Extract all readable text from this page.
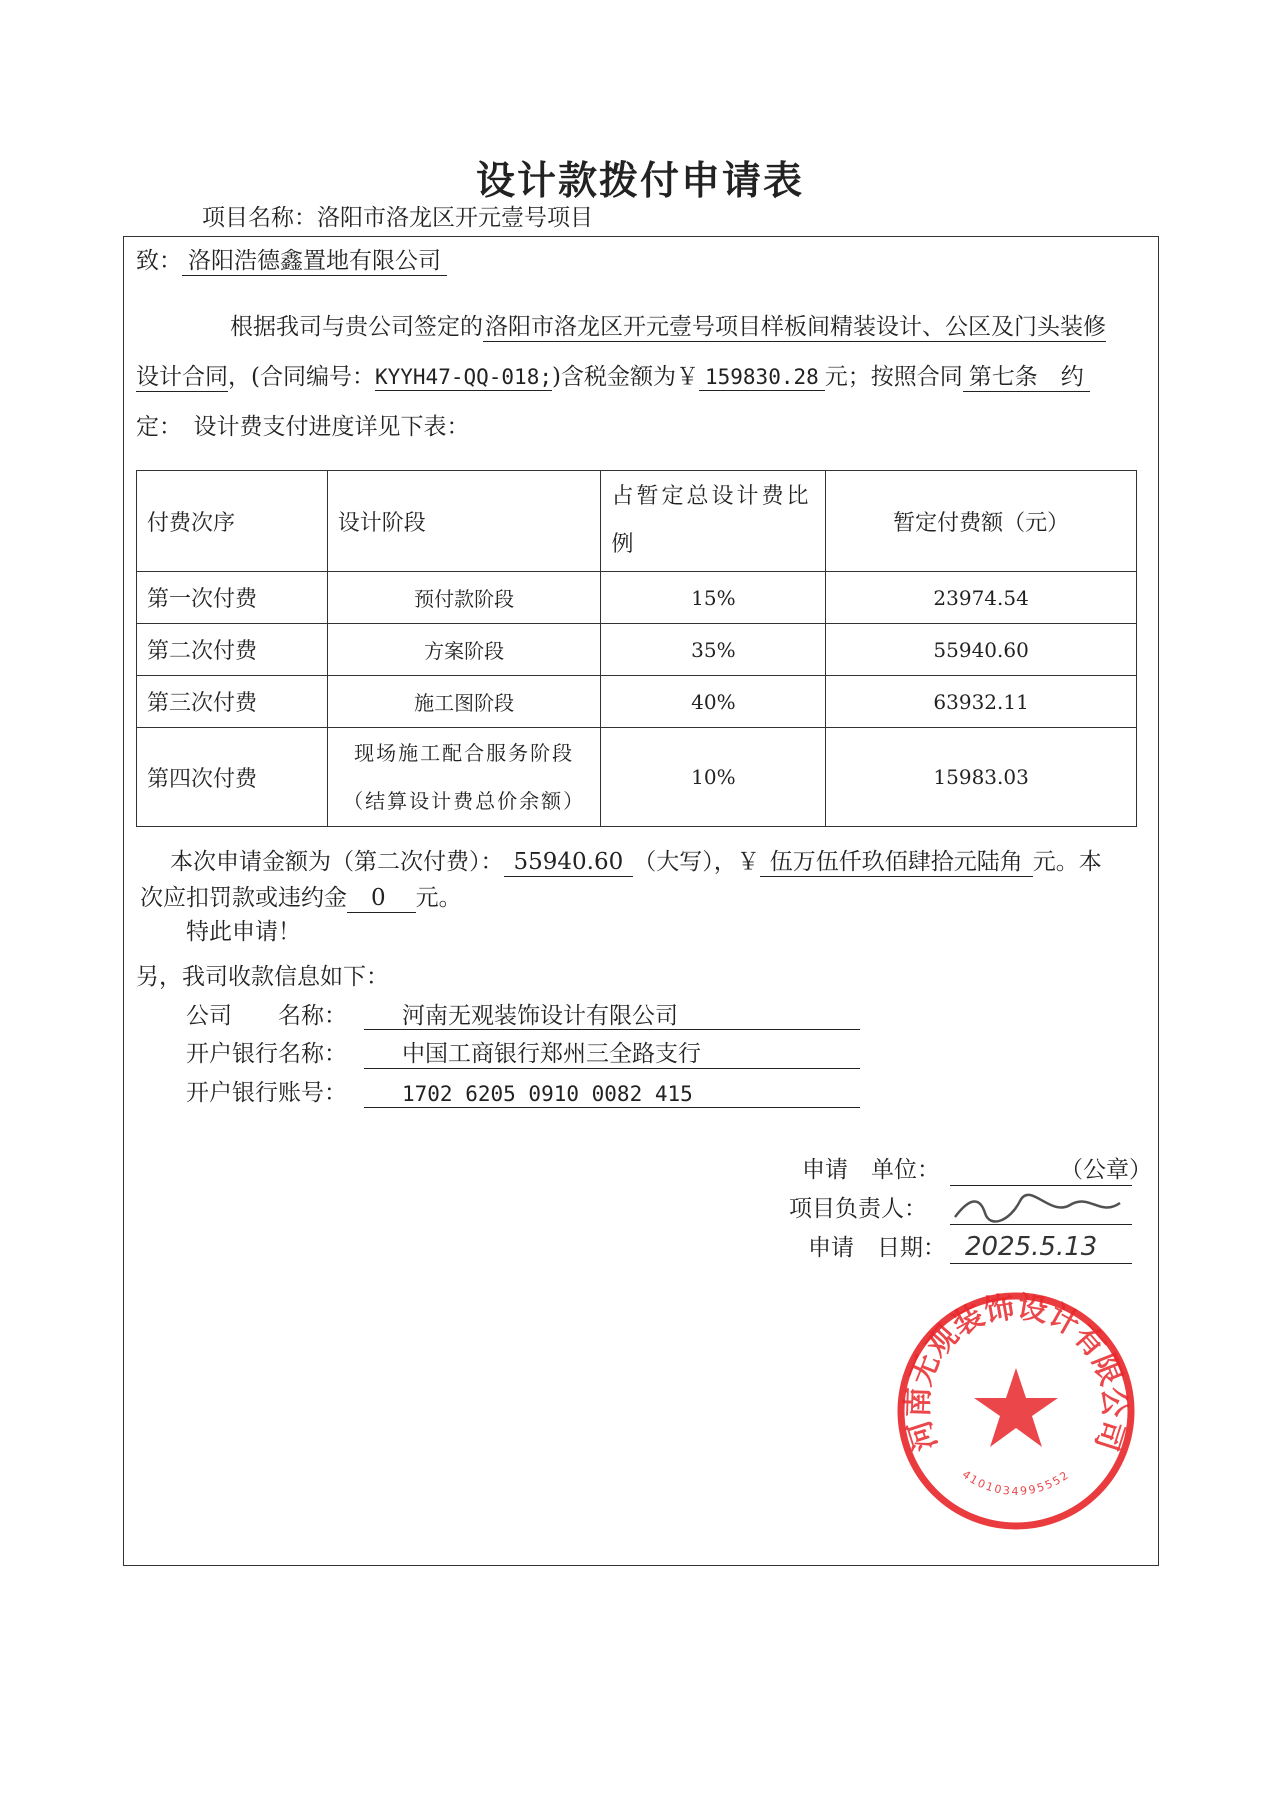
设计款拨付申请表
项目名称：洛阳市洛龙区开元壹号项目
致： 洛阳浩德鑫置地有限公司
根据我司与贵公司签定的洛阳市洛龙区开元壹号项目样板间精装设计、公区及门头装修
设计合同，(合同编号：KYYH47-QQ-018;)含税金额为￥ 159830.28 元；按照合同 第七条　约
定：　设计费支付进度详见下表：
付费次序	设计阶段	占暂定总设计费比例	暂定付费额（元）
第一次付费	预付款阶段	15%	23974.54
第二次付费	方案阶段	35%	55940.60
第三次付费	施工图阶段	40%	63932.11
第四次付费	现场施工配合服务阶段（结算设计费总价余额）	10%	15983.03
本次申请金额为（第二次付费）： 55940.60 （大写），￥ 伍万伍仟玖佰肆拾元陆角 元。本
次应扣罚款或违约金 0 元。
特此申请！
另，我司收款信息如下：
公司　　名称： 河南无观装饰设计有限公司
开户银行名称： 中国工商银行郑州三全路支行
开户银行账号：	1702 6205 0910 0082 415
申请　单位：	（公章）
项目负责人：
申请　日期： 2025.5.13
河南无观装饰设计有限公司
4101034995552
